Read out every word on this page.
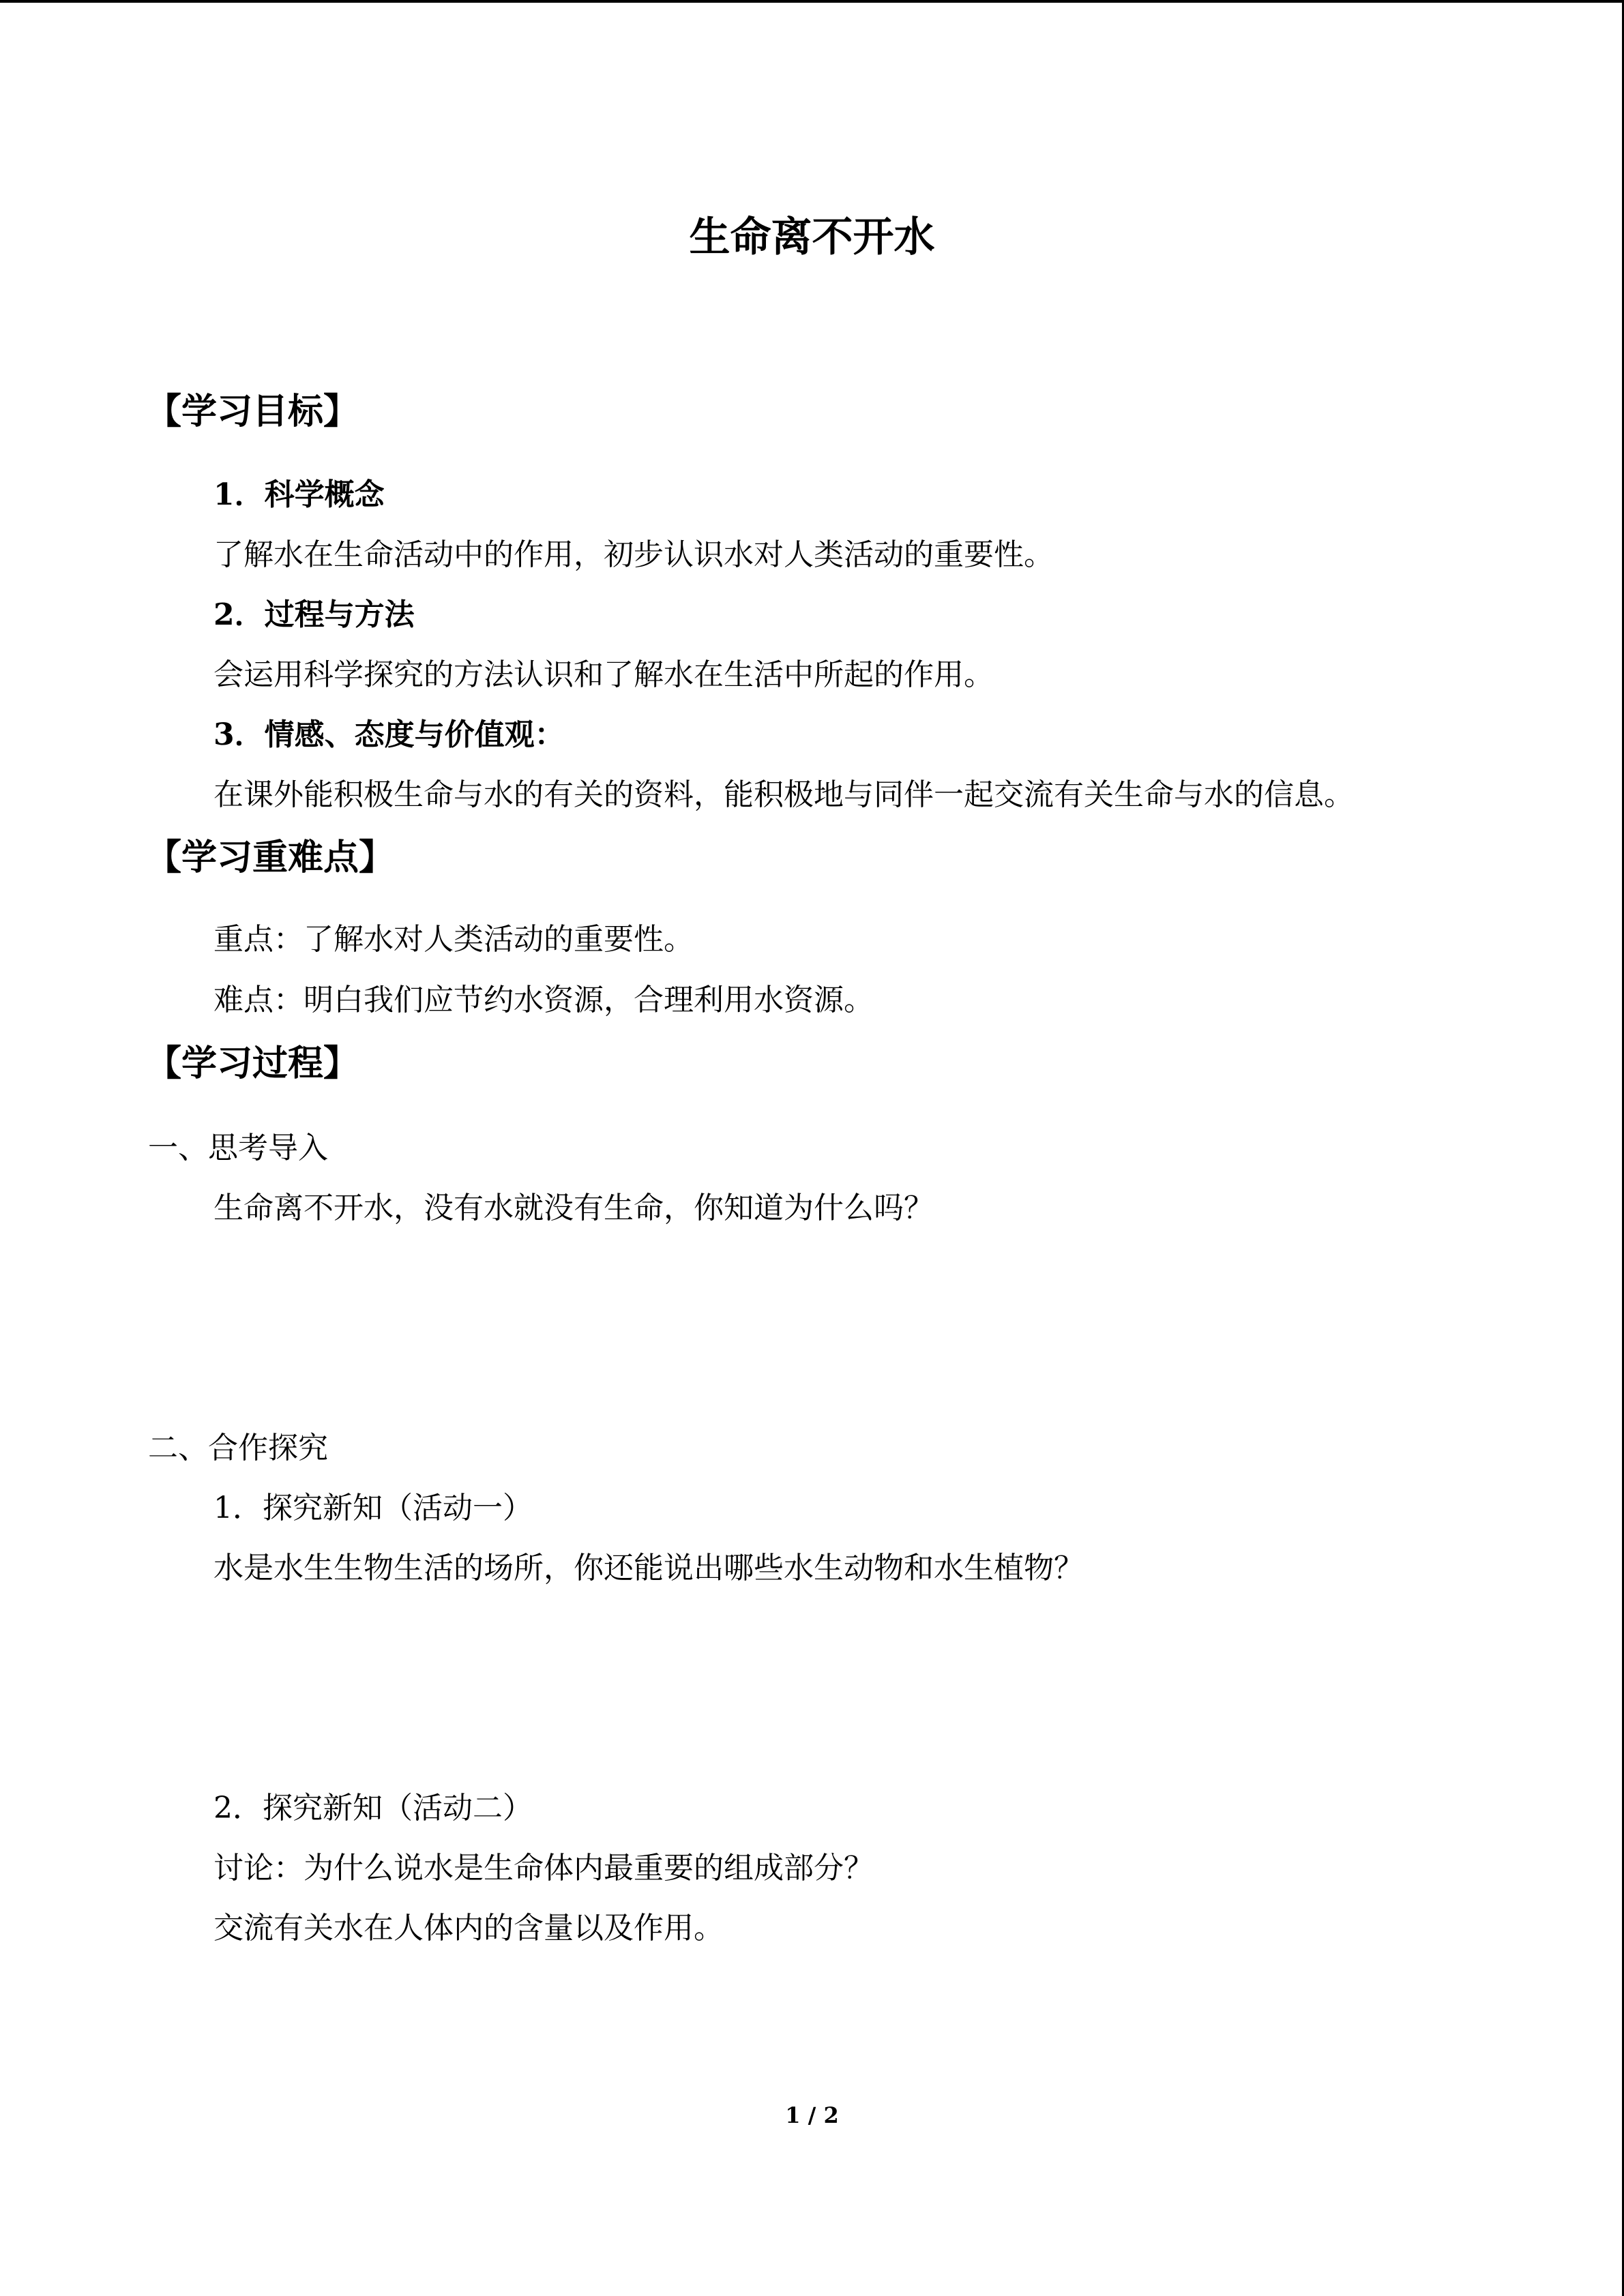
生命离不开水
【学习目标】
1．科学概念
了解水在生命活动中的作用，初步认识水对人类活动的重要性。
2．过程与方法
会运用科学探究的方法认识和了解水在生活中所起的作用。
3．情感、态度与价值观：
在课外能积极生命与水的有关的资料，能积极地与同伴一起交流有关生命与水的信息。
【学习重难点】
重点：了解水对人类活动的重要性。
难点：明白我们应节约水资源，合理利用水资源。
【学习过程】
一、思考导入
生命离不开水，没有水就没有生命，你知道为什么吗？
二、合作探究
1．探究新知（活动一）
水是水生生物生活的场所，你还能说出哪些水生动物和水生植物？
2．探究新知（活动二）
讨论：为什么说水是生命体内最重要的组成部分？
交流有关水在人体内的含量以及作用。
1 / 2
